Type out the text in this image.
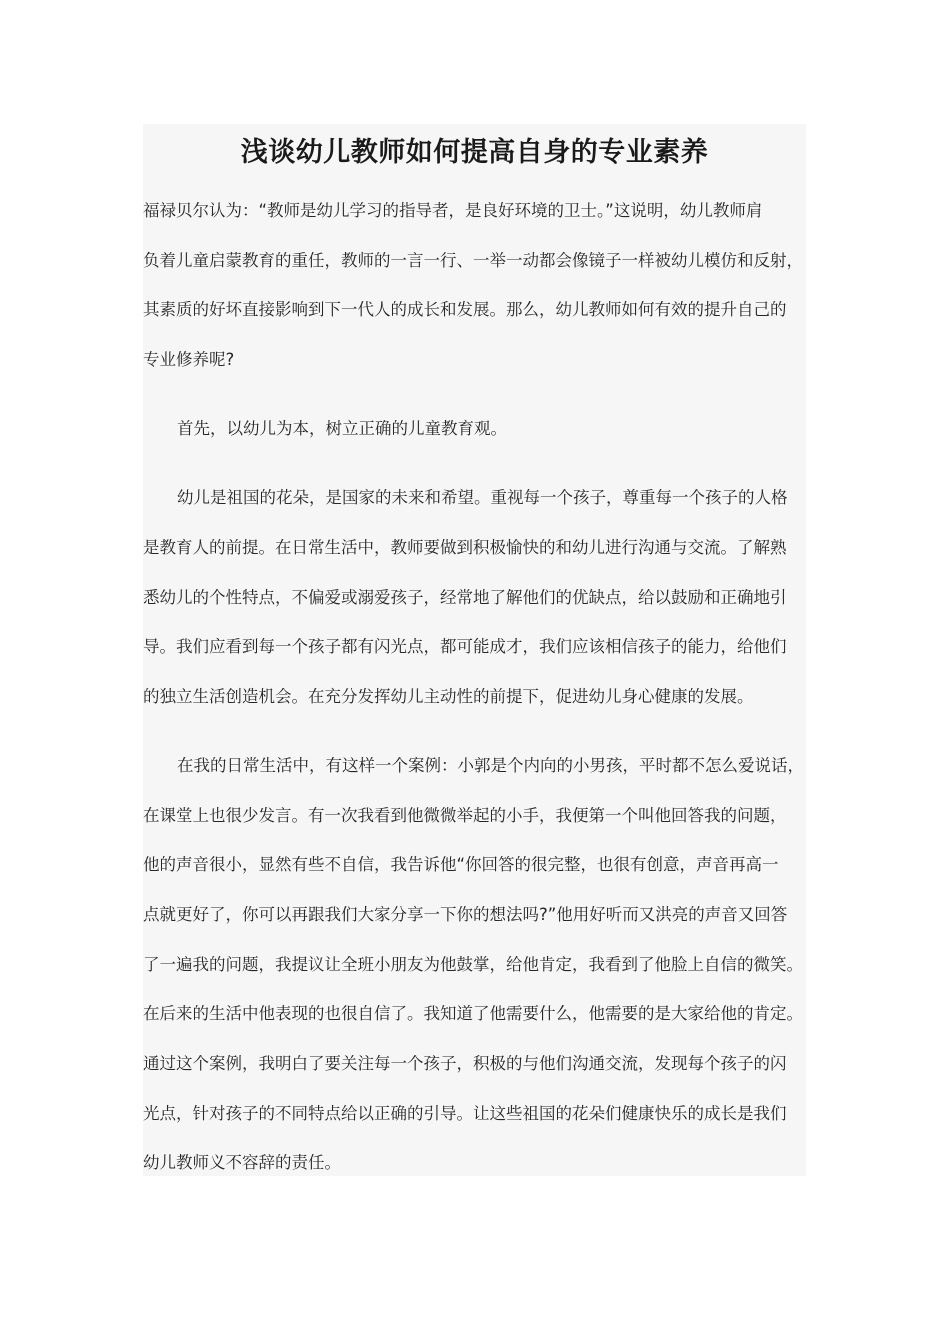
浅谈幼儿教师如何提高自身的专业素养
福禄贝尔认为：“教师是幼儿学习的指导者，是良好环境的卫士。”这说明，幼儿教师肩
负着儿童启蒙教育的重任，教师的一言一行、一举一动都会像镜子一样被幼儿模仿和反射，
其素质的好坏直接影响到下一代人的成长和发展。那么，幼儿教师如何有效的提升自己的
专业修养呢?
首先，以幼儿为本，树立正确的儿童教育观。
幼儿是祖国的花朵，是国家的未来和希望。重视每一个孩子，尊重每一个孩子的人格
是教育人的前提。在日常生活中，教师要做到积极愉快的和幼儿进行沟通与交流。了解熟
悉幼儿的个性特点，不偏爱或溺爱孩子，经常地了解他们的优缺点，给以鼓励和正确地引
导。我们应看到每一个孩子都有闪光点，都可能成才，我们应该相信孩子的能力，给他们
的独立生活创造机会。在充分发挥幼儿主动性的前提下，促进幼儿身心健康的发展。
在我的日常生活中，有这样一个案例：小郭是个内向的小男孩，平时都不怎么爱说话，
在课堂上也很少发言。有一次我看到他微微举起的小手，我便第一个叫他回答我的问题，
他的声音很小，显然有些不自信，我告诉他“你回答的很完整，也很有创意，声音再高一
点就更好了，你可以再跟我们大家分享一下你的想法吗?”他用好听而又洪亮的声音又回答
了一遍我的问题，我提议让全班小朋友为他鼓掌，给他肯定，我看到了他脸上自信的微笑。
在后来的生活中他表现的也很自信了。我知道了他需要什么，他需要的是大家给他的肯定。
通过这个案例，我明白了要关注每一个孩子，积极的与他们沟通交流，发现每个孩子的闪
光点，针对孩子的不同特点给以正确的引导。让这些祖国的花朵们健康快乐的成长是我们
幼儿教师义不容辞的责任。
